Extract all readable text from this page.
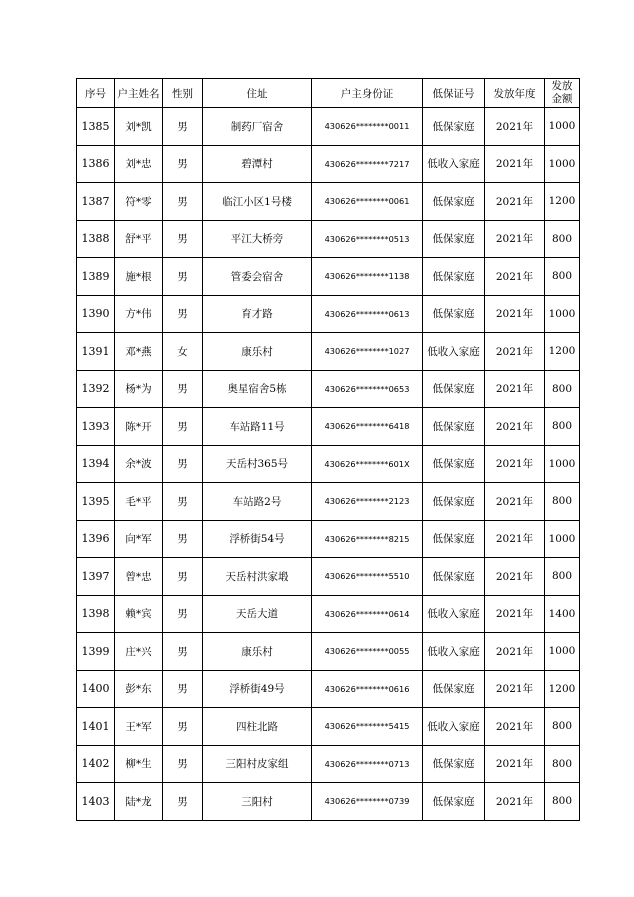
序号	户主姓名	性别	住址	户主身份证	低保证号	发放年度	发放
金额
1385	刘*凯	男	制药厂宿舍	430626********0011	低保家庭	2021年	1000
1386	刘*忠	男	碧潭村	430626********7217	低收入家庭	2021年	1000
1387	符*零	男	临江小区1号楼	430626********0061	低保家庭	2021年	1200
1388	舒*平	男	平江大桥旁	430626********0513	低保家庭	2021年	800
1389	施*根	男	管委会宿舍	430626********1138	低保家庭	2021年	800
1390	方*伟	男	育才路	430626********0613	低保家庭	2021年	1000
1391	邓*燕	女	康乐村	430626********1027	低收入家庭	2021年	1200
1392	杨*为	男	奥星宿舍5栋	430626********0653	低保家庭	2021年	800
1393	陈*开	男	车站路11号	430626********6418	低保家庭	2021年	800
1394	余*波	男	天岳村365号	430626********601X	低保家庭	2021年	1000
1395	毛*平	男	车站路2号	430626********2123	低保家庭	2021年	800
1396	向*军	男	浮桥街54号	430626********8215	低保家庭	2021年	1000
1397	曾*忠	男	天岳村洪家塅	430626********5510	低保家庭	2021年	800
1398	赖*宾	男	天岳大道	430626********0614	低收入家庭	2021年	1400
1399	庄*兴	男	康乐村	430626********0055	低收入家庭	2021年	1000
1400	彭*东	男	浮桥街49号	430626********0616	低保家庭	2021年	1200
1401	王*军	男	四柱北路	430626********5415	低收入家庭	2021年	800
1402	柳*生	男	三阳村皮家组	430626********0713	低保家庭	2021年	800
1403	陆*龙	男	三阳村	430626********0739	低保家庭	2021年	800
